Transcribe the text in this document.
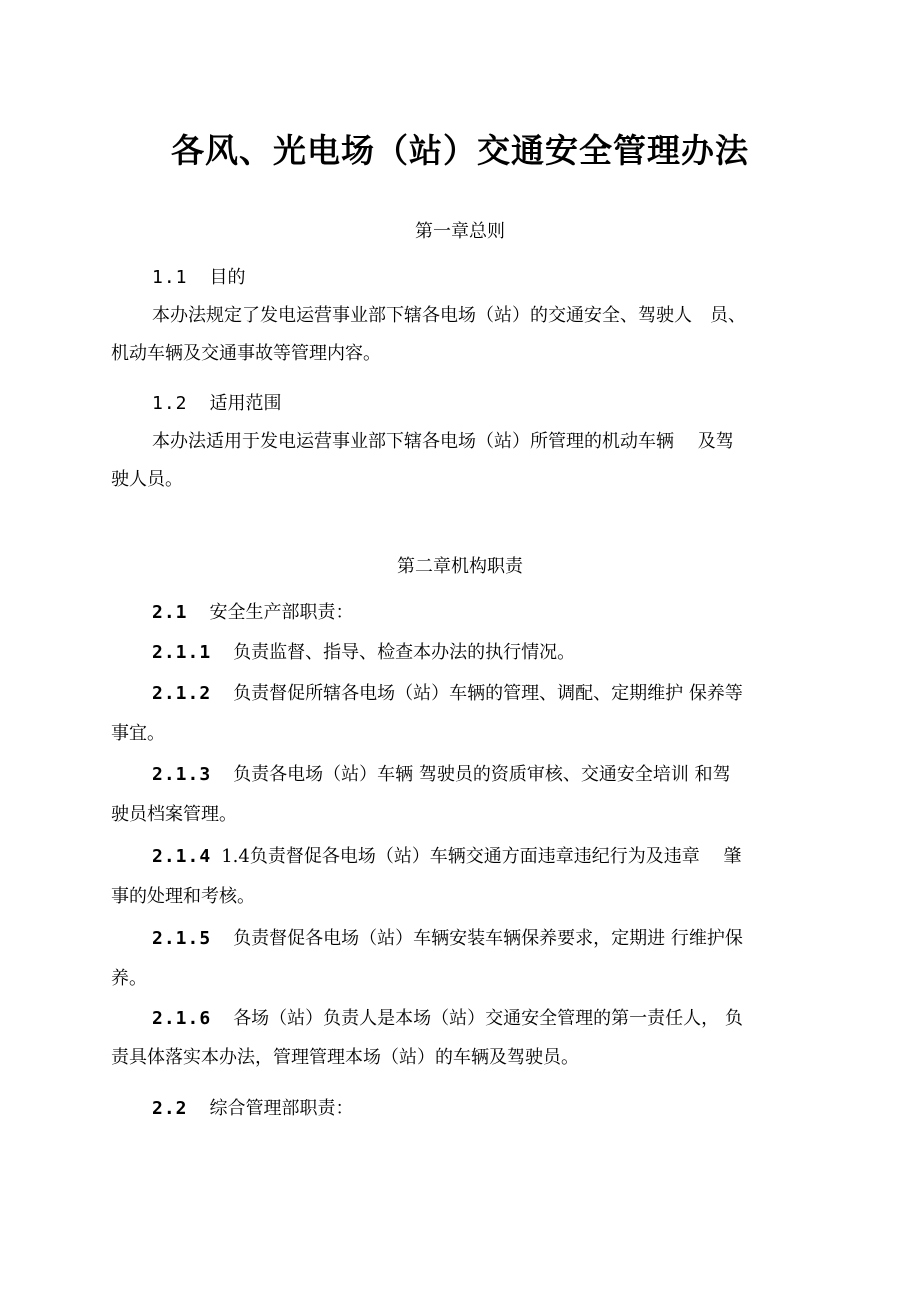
各风、光电场（站）交通安全管理办法

第一章总则

1.1 目的

本办法规定了发电运营事业部下辖各电场（站）的交通安全、驾驶人　员、

机动车辆及交通事故等管理内容。

1.2 适用范围

本办法适用于发电运营事业部下辖各电场（站）所管理的机动车辆　 及驾

驶人员。

第二章机构职责

2.1 安全生产部职责：

2.1.1 负责监督、指导、检查本办法的执行情况。

2.1.2 负责督促所辖各电场（站）车辆的管理、调配、定期维护 保养等

事宜。

2.1.3 负责各电场（站）车辆 驾驶员的资质审核、交通安全培训 和驾

驶员档案管理。

2.1.4 1.4负责督促各电场（站）车辆交通方面违章违纪行为及违章　 肇

事的处理和考核。

2.1.5 负责督促各电场（站）车辆安装车辆保养要求，定期进 行维护保

养。

2.1.6 各场（站）负责人是本场（站）交通安全管理的第一责任人， 负

责具体落实本办法，管理管理本场（站）的车辆及驾驶员。

2.2 综合管理部职责：
